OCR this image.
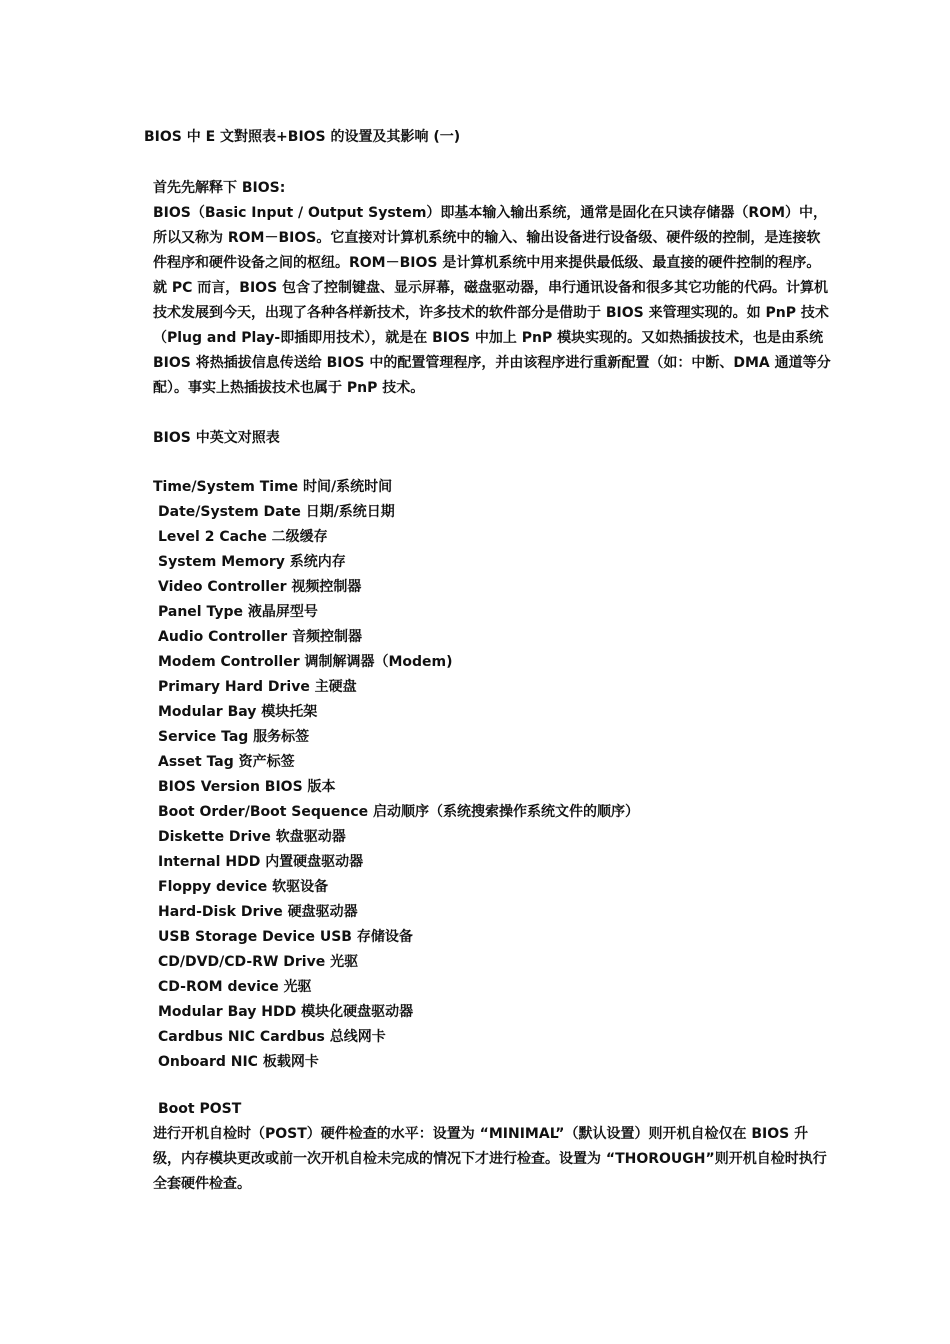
BIOS 中 E 文對照表+BIOS 的设置及其影响 (一)
首先先解释下 BIOS:

BIOS（Basic Input / Output System）即基本输入输出系统，通常是固化在只读存储器（ROM）中，所以又称为 ROM－BIOS。它直接对计算机系统中的输入、输出设备进行设备级、硬件级的控制，是连接软件程序和硬件设备之间的枢纽。ROM－BIOS 是计算机系统中用来提供最低级、最直接的硬件控制的程序。就 PC 而言，BIOS 包含了控制键盘、显示屏幕，磁盘驱动器，串行通讯设备和很多其它功能的代码。计算机技术发展到今天，出现了各种各样新技术，许多技术的软件部分是借助于 BIOS 来管理实现的。如 PnP 技术（Plug and Play-即插即用技术），就是在 BIOS 中加上 PnP 模块实现的。又如热插拔技术，也是由系统 BIOS 将热插拔信息传送给 BIOS 中的配置管理程序，并由该程序进行重新配置（如：中断、DMA 通道等分配）。事实上热插拔技术也属于 PnP 技术。

BIOS 中英文对照表
Time/System Time 时间/系统时间
Date/System Date 日期/系统日期
Level 2 Cache 二级缓存
System Memory 系统内存
Video Controller 视频控制器
Panel Type 液晶屏型号
Audio Controller 音频控制器
Modem Controller 调制解调器（Modem)
Primary Hard Drive 主硬盘
Modular Bay 模块托架
Service Tag 服务标签
Asset Tag 资产标签
BIOS Version BIOS 版本
Boot Order/Boot Sequence 启动顺序（系统搜索操作系统文件的顺序）
Diskette Drive 软盘驱动器
Internal HDD 内置硬盘驱动器
Floppy device 软驱设备
Hard-Disk Drive 硬盘驱动器
USB Storage Device USB 存储设备
CD/DVD/CD-RW Drive 光驱
CD-ROM device 光驱
Modular Bay HDD 模块化硬盘驱动器
Cardbus NIC Cardbus 总线网卡
Onboard NIC 板载网卡
Boot POST

进行开机自检时（POST）硬件检查的水平：设置为 “MINIMAL”（默认设置）则开机自检仅在 BIOS 升级，内存模块更改或前一次开机自检未完成的情况下才进行检查。设置为 “THOROUGH”则开机自检时执行全套硬件检查。
